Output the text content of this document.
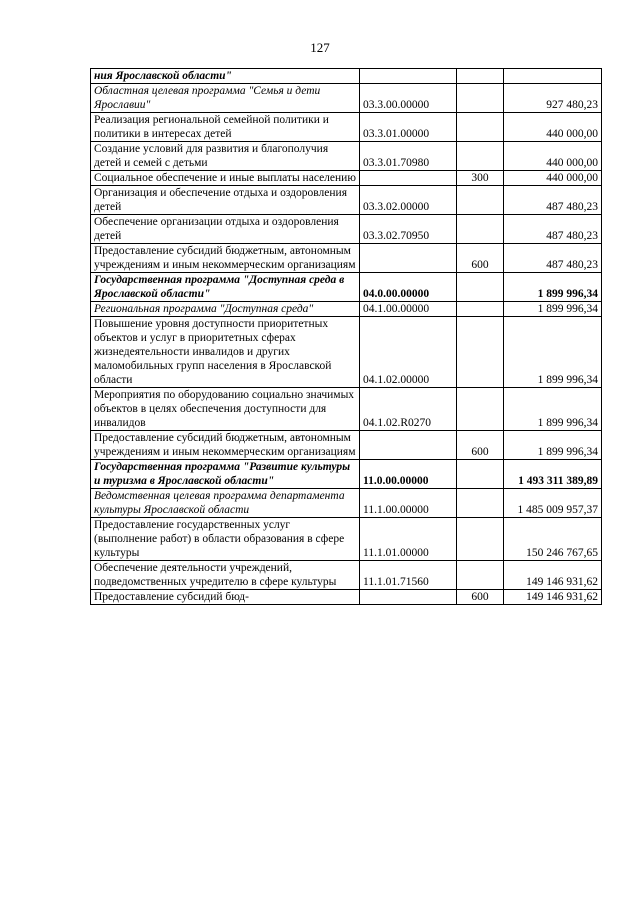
127
ния Ярославской области"			
Областная целевая программа "Семья и дети Ярославии"	03.3.00.00000		927 480,23
Реализация региональной семейной политики и политики в интересах детей	03.3.01.00000		440 000,00
Создание условий для развития и благополучия детей и семей с детьми	03.3.01.70980		440 000,00
Социальное обеспечение и иные выплаты населению		300	440 000,00
Организация и обеспечение отдыха и оздоровления детей	03.3.02.00000		487 480,23
Обеспечение организации отдыха и оздоровления детей	03.3.02.70950		487 480,23
Предоставление субсидий бюджетным, автономным учреждениям и иным некоммерческим организациям		600	487 480,23
Государственная программа "Доступная среда в Ярославской области"	04.0.00.00000		1 899 996,34
Региональная программа "Доступная среда"	04.1.00.00000		1 899 996,34
Повышение уровня доступности приоритетных объектов и услуг в приоритетных сферах жизнедеятельности инвалидов и других маломобильных групп населения в Ярославской области	04.1.02.00000		1 899 996,34
Мероприятия по оборудованию социально значимых объектов в целях обеспечения доступности для инвалидов	04.1.02.R0270		1 899 996,34
Предоставление субсидий бюджетным, автономным учреждениям и иным некоммерческим организациям		600	1 899 996,34
Государственная программа "Развитие культуры и туризма в Ярославской области"	11.0.00.00000		1 493 311 389,89
Ведомственная целевая программа департамента культуры Ярославской области	11.1.00.00000		1 485 009 957,37
Предоставление государственных услуг (выполнение работ) в области образования в сфере культуры	11.1.01.00000		150 246 767,65
Обеспечение деятельности учреждений, подведомственных учредителю в сфере культуры	11.1.01.71560		149 146 931,62
Предоставление субсидий бюд-		600	149 146 931,62
